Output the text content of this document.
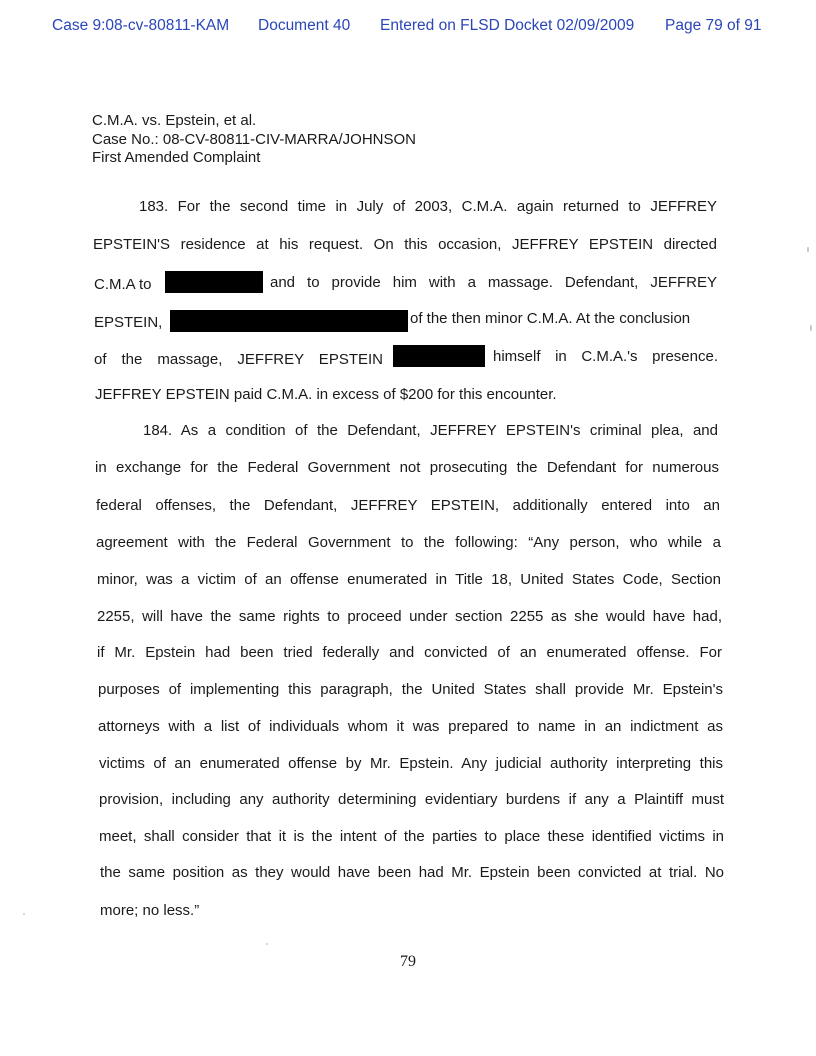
Case 9:08-cv-80811-KAM Document 40 Entered on FLSD Docket 02/09/2009 Page 79 of 91
C.M.A. vs. Epstein, et al.
Case No.: 08-CV-80811-CIV-MARRA/JOHNSON
First Amended Complaint
183. For the second time in July of 2003, C.M.A. again returned to JEFFREY
EPSTEIN'S residence at his request. On this occasion, JEFFREY EPSTEIN directed
C.M.A to	and to provide him with a massage. Defendant, JEFFREY
EPSTEIN,	of the then minor C.M.A. At the conclusion
of the massage, JEFFREY EPSTEIN	himself in C.M.A.'s presence.
JEFFREY EPSTEIN paid C.M.A. in excess of $200 for this encounter.
184. As a condition of the Defendant, JEFFREY EPSTEIN's criminal plea, and
in exchange for the Federal Government not prosecuting the Defendant for numerous
federal offenses, the Defendant, JEFFREY EPSTEIN, additionally entered into an
agreement with the Federal Government to the following: “Any person, who while a
minor, was a victim of an offense enumerated in Title 18, United States Code, Section
2255, will have the same rights to proceed under section 2255 as she would have had,
if Mr. Epstein had been tried federally and convicted of an enumerated offense. For
purposes of implementing this paragraph, the United States shall provide Mr. Epstein's
attorneys with a list of individuals whom it was prepared to name in an indictment as
victims of an enumerated offense by Mr. Epstein. Any judicial authority interpreting this
provision, including any authority determining evidentiary burdens if any a Plaintiff must
meet, shall consider that it is the intent of the parties to place these identified victims in
the same position as they would have been had Mr. Epstein been convicted at trial. No
more; no less.”
79
